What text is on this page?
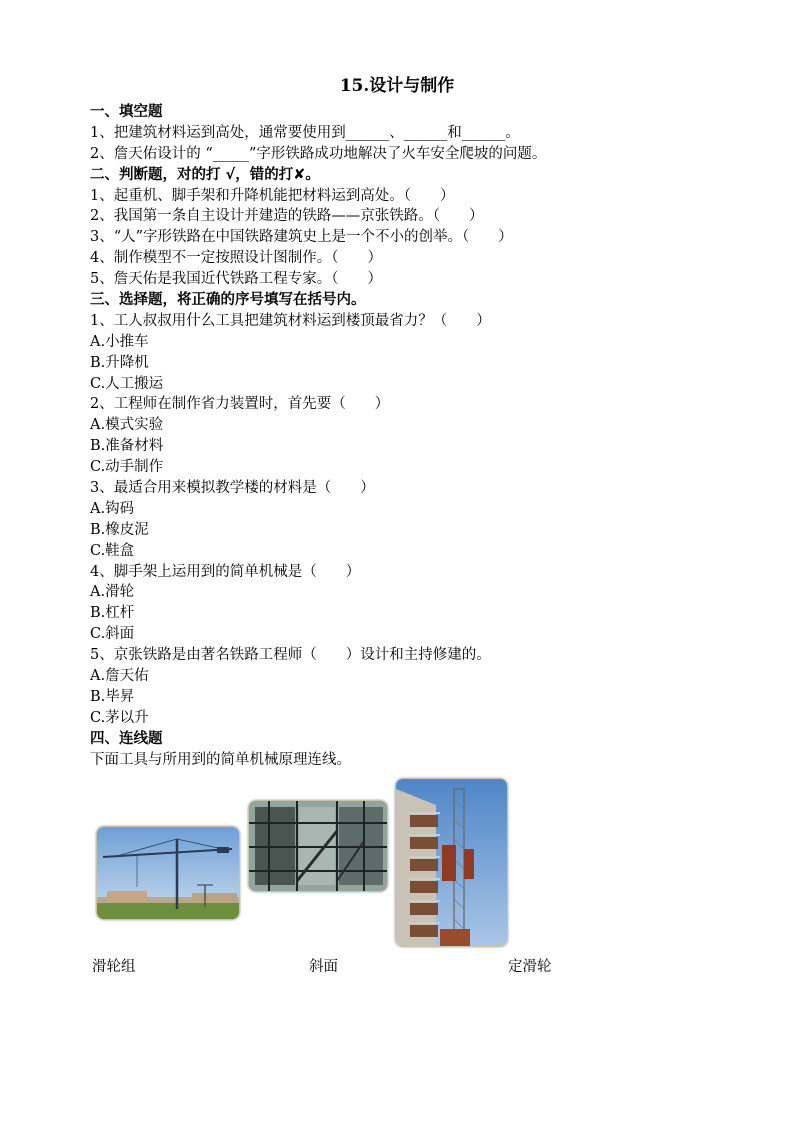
15.设计与制作
一、填空题
1、把建筑材料运到高处，通常要使用到______、______和______。
2、詹天佑设计的 “_____”字形铁路成功地解决了火车安全爬坡的问题。
二、判断题，对的打 √，错的打✘。
1、起重机、脚手架和升降机能把材料运到高处。（　　）
2、我国第一条自主设计并建造的铁路——京张铁路。（　　）
3、“人”字形铁路在中国铁路建筑史上是一个不小的创举。（　　）
4、制作模型不一定按照设计图制作。（　　）
5、詹天佑是我国近代铁路工程专家。（　　）
三、选择题，将正确的序号填写在括号内。
1、工人叔叔用什么工具把建筑材料运到楼顶最省力？（　　）
A.小推车
B.升降机
C.人工搬运
2、工程师在制作省力装置时，首先要（　　）
A.模式实验
B.准备材料
C.动手制作
3、最适合用来模拟教学楼的材料是（　　）
A.钩码
B.橡皮泥
C.鞋盒
4、脚手架上运用到的简单机械是（　　）
A.滑轮
B.杠杆
C.斜面
5、京张铁路是由著名铁路工程师（　　）设计和主持修建的。
A.詹天佑
B.毕昇
C.茅以升
四、连线题
下面工具与所用到的简单机械原理连线。
滑轮组	斜面	定滑轮
